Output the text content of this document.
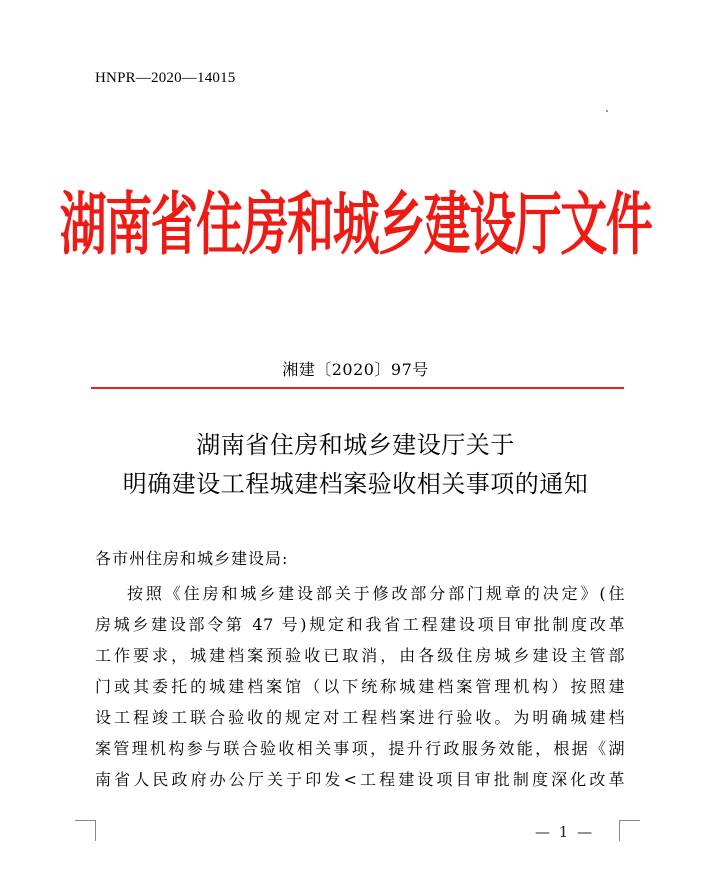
HNPR—2020—14015
湖南省住房和城乡建设厅文件
湘建〔2020〕97号
湖南省住房和城乡建设厅关于
明确建设工程城建档案验收相关事项的通知
各市州住房和城乡建设局:
按照《住房和城乡建设部关于修改部分部门规章的决定》(住
房城乡建设部令第 47 号)规定和我省工程建设项目审批制度改革
工作要求，城建档案预验收已取消，由各级住房城乡建设主管部
门或其委托的城建档案馆（以下统称城建档案管理机构）按照建
设工程竣工联合验收的规定对工程档案进行验收。为明确城建档
案管理机构参与联合验收相关事项，提升行政服务效能，根据《湖
南省人民政府办公厅关于印发<工程建设项目审批制度深化改革
— 1 —
